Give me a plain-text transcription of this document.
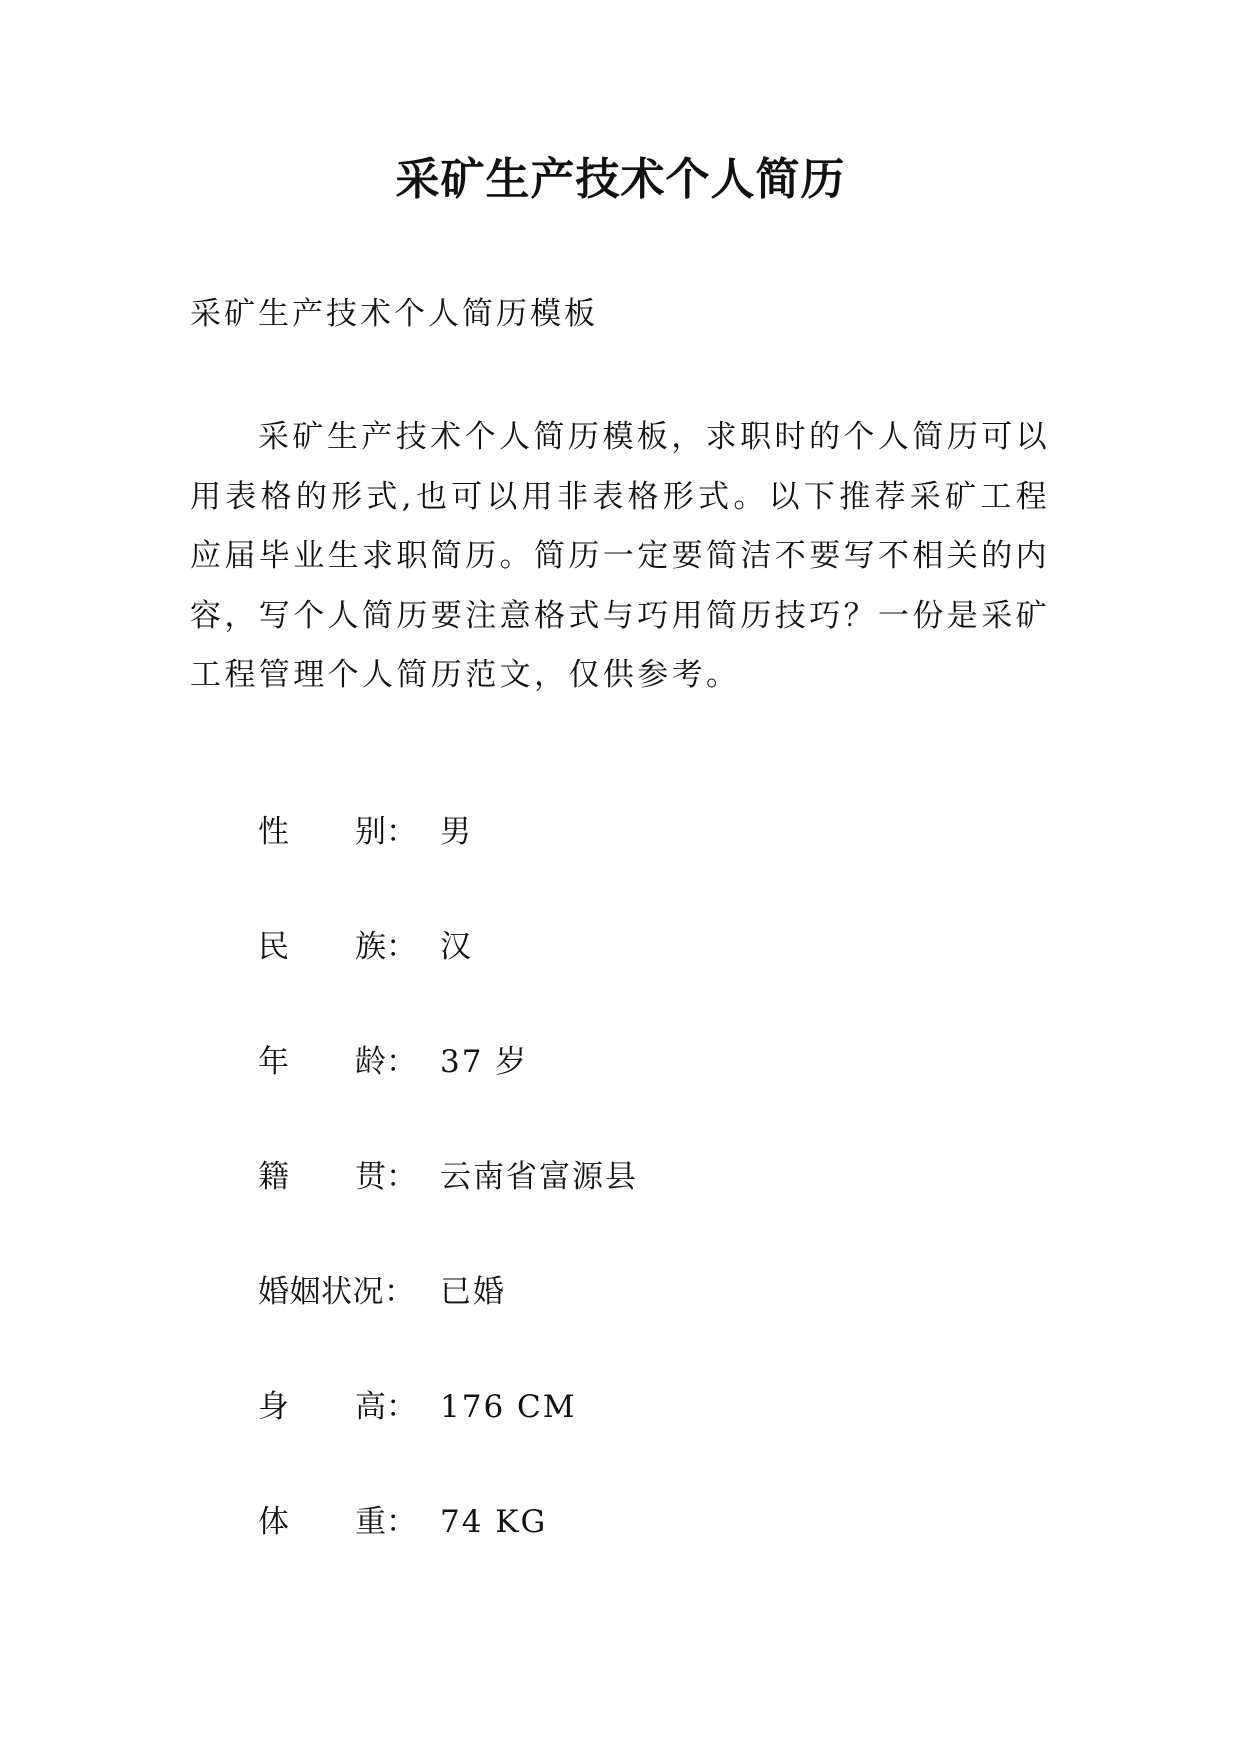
采矿生产技术个人简历
采矿生产技术个人简历模板

采矿生产技术个人简历模板，求职时的个人简历可以用表格的形式,也可以用非表格形式。以下推荐采矿工程应届毕业生求职简历。简历一定要简洁不要写不相关的内容，写个人简历要注意格式与巧用简历技巧？一份是采矿工程管理个人简历范文，仅供参考。

性 别： 男
民 族： 汉
年 龄： 37 岁
籍 贯： 云南省富源县
婚姻状况： 已婚
身 高： 176 CM
体 重： 74 KG
